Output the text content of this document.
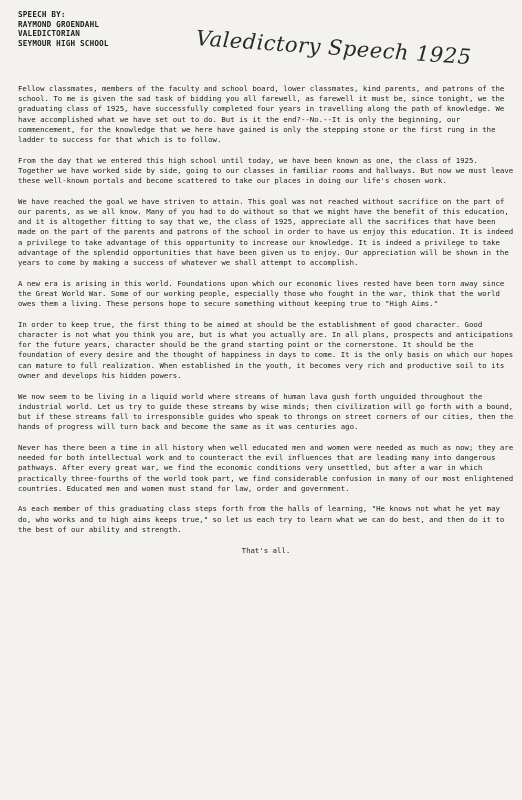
SPEECH BY:
RAYMOND GROENDAHL
VALEDICTORIAN
SEYMOUR HIGH SCHOOL	Valedictory Speech 1925

Fellow classmates, members of the faculty and school board, lower classmates, kind parents, and patrons of the school. To me is given the sad task of bidding you all farewell, as farewell it must be, since tonight, we the graduating class of 1925, have successfully completed four years in travelling along the path of knowledge. We have accomplished what we have set out to do. But is it the end?--No.--It is only the beginning, our commencement, for the knowledge that we here have gained is only the stepping stone or the first rung in the ladder to success for that which is to follow.

From the day that we entered this high school until today, we have been known as one, the class of 1925. Together we have worked side by side, going to our classes in familiar rooms and hallways. But now we must leave these well-known portals and become scattered to take our places in doing our life's chosen work.

We have reached the goal we have striven to attain. This goal was not reached without sacrifice on the part of our parents, as we all know. Many of you had to do without so that we might have the benefit of this education, and it is altogether fitting to say that we, the class of 1925, appreciate all the sacrifices that have been made on the part of the parents and patrons of the school in order to have us enjoy this education. It is indeed a privilege to take advantage of this opportunity to increase our knowledge. It is indeed a privilege to take advantage of the splendid opportunities that have been given us to enjoy. Our appreciation will be shown in the years to come by making a success of whatever we shall attempt to accomplish.

A new era is arising in this world. Foundations upon which our economic lives rested have been torn away since the Great World War. Some of our working people, especially those who fought in the war, think that the world owes them a living. These persons hope to secure something without keeping true to "High Aims."

In order to keep true, the first thing to be aimed at should be the establishment of good character. Good character is not what you think you are, but is what you actually are. In all plans, prospects and anticipations for the future years, character should be the grand starting point or the cornerstone. It should be the foundation of every desire and the thought of happiness in days to come. It is the only basis on which our hopes can mature to full realization. When established in the youth, it becomes very rich and productive soil to its owner and develops his hidden powers.

We now seem to be living in a liquid world where streams of human lava gush forth unguided throughout the industrial world. Let us try to guide these streams by wise minds; then civilization will go forth with a bound, but if these streams fall to irresponsible guides who speak to throngs on street corners of our cities, then the hands of progress will turn back and become the same as it was centuries ago.

Never has there been a time in all history when well educated men and women were needed as much as now; they are needed for both intellectual work and to counteract the evil influences that are leading many into dangerous pathways. After every great war, we find the economic conditions very unsettled, but after a war in which practically three-fourths of the world took part, we find considerable confusion in many of our most enlightened countries. Educated men and women must stand for law, order and government.

As each member of this graduating class steps forth from the halls of learning, "He knows not what he yet may do, who works and to high aims keeps true," so let us each try to learn what we can do best, and then do it to the best of our ability and strength.

That's all.
